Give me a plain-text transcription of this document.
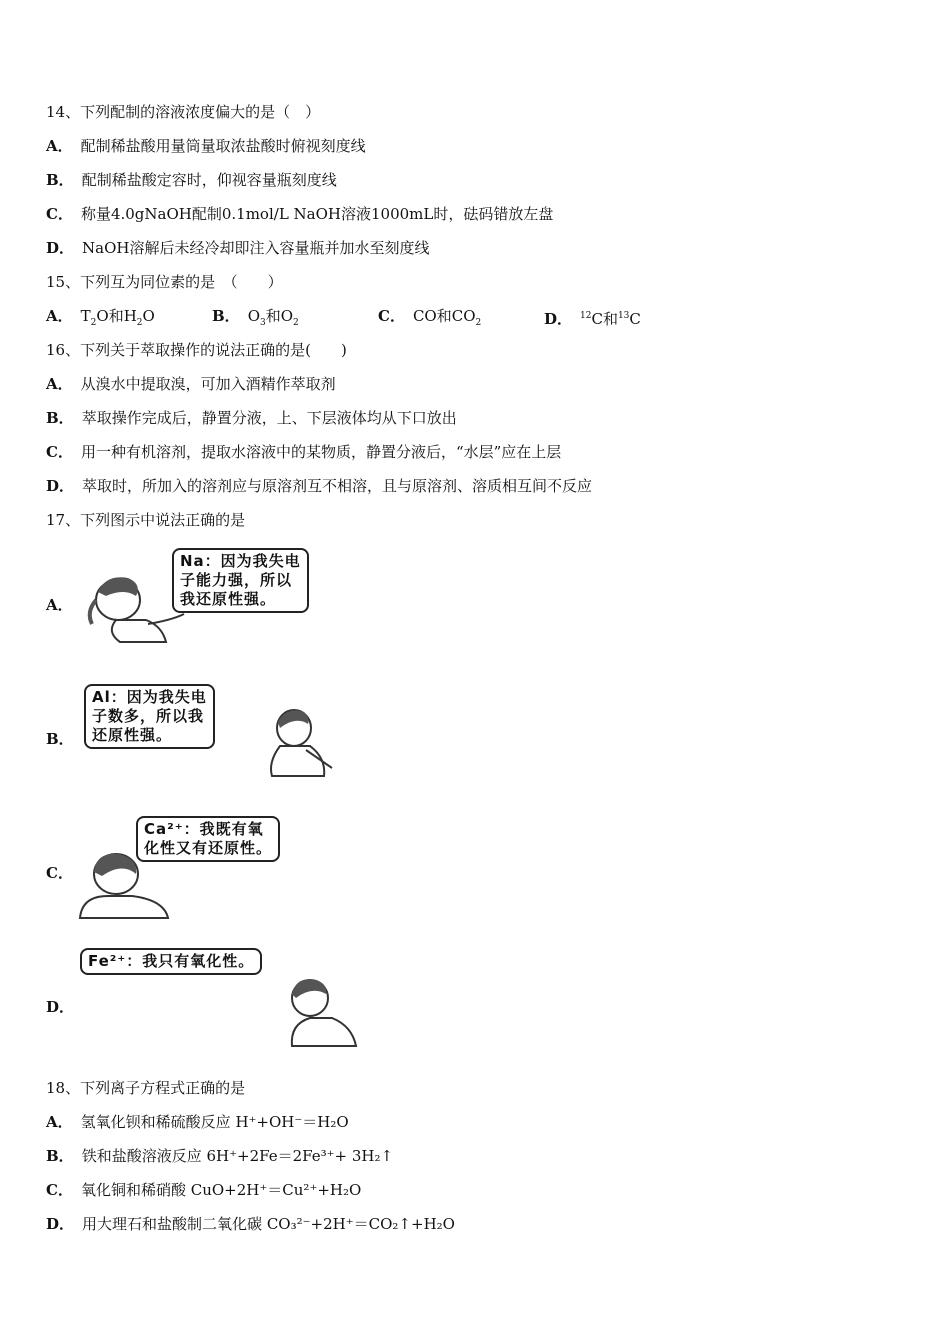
14、下列配制的溶液浓度偏大的是（　）
A． 配制稀盐酸用量筒量取浓盐酸时俯视刻度线
B． 配制稀盐酸定容时，仰视容量瓶刻度线
C． 称量4.0gNaOH配制0.1mol/L NaOH溶液1000mL时，砝码错放左盘
D． NaOH溶解后未经冷却即注入容量瓶并加水至刻度线
15、下列互为同位素的是　（　　）
A． $T_2O$和$H_2O$	B． $O_3$和$O_2$	C． CO和$CO_2$	D． $^{12}$C和$^{13}$C
16、下列关于萃取操作的说法正确的是(　　)
A． 从溴水中提取溴，可加入酒精作萃取剂
B． 萃取操作完成后，静置分液，上、下层液体均从下口放出
C． 用一种有机溶剂，提取水溶液中的某物质，静置分液后，“水层”应在上层
D． 萃取时，所加入的溶剂应与原溶剂互不相溶，且与原溶剂、溶质相互间不反应
17、下列图示中说法正确的是
A．
Na：因为我失电
子能力强，所以
我还原性强。
B．
Al：因为我失电
子数多，所以我
还原性强。
C．
Ca²⁺：我既有氧
化性又有还原性。
D．
Fe²⁺：我只有氧化性。
18、下列离子方程式正确的是
A． 氢氧化钡和稀硫酸反应 H⁺+OH⁻＝H₂O
B． 铁和盐酸溶液反应 6H⁺+2Fe＝2Fe³⁺+ 3H₂↑
C． 氧化铜和稀硝酸 CuO+2H⁺＝Cu²⁺+H₂O
D． 用大理石和盐酸制二氧化碳 CO₃²⁻+2H⁺＝CO₂↑+H₂O
